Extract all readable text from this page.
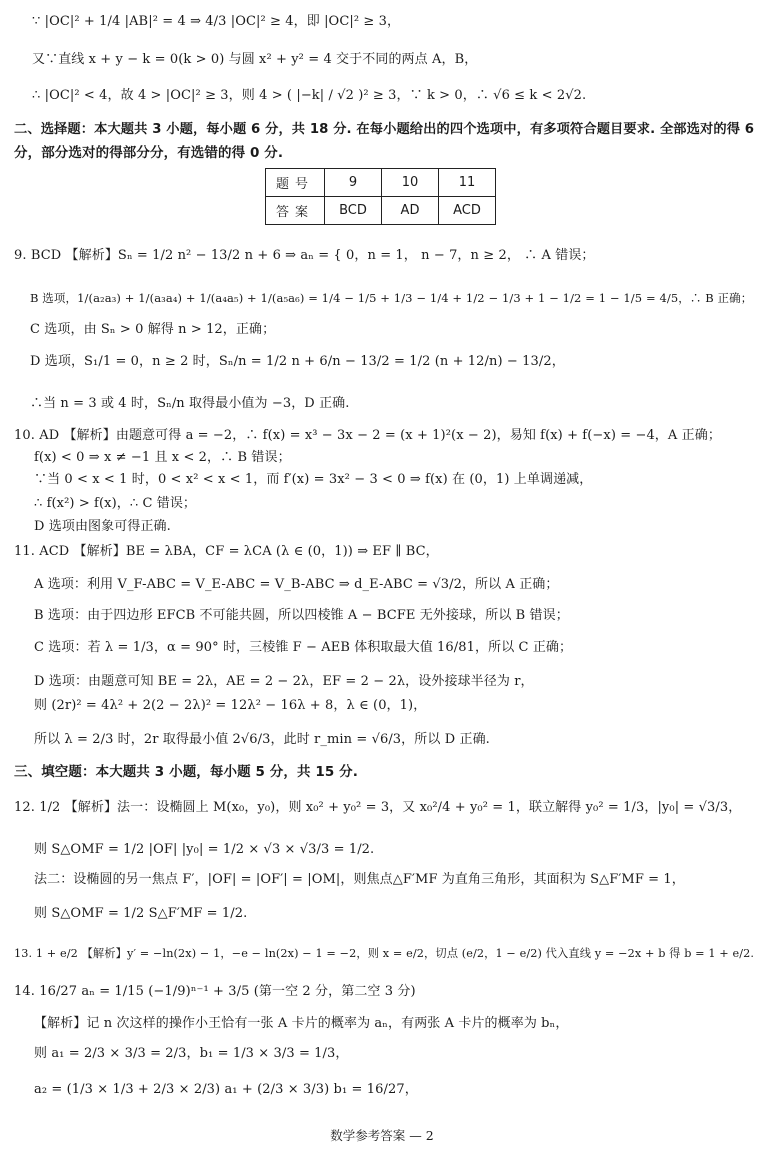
∵ |OC|² + 1/4 |AB|² = 4 ⇒ 4/3 |OC|² ≥ 4，即 |OC|² ≥ 3，
又∵直线 x + y − k = 0(k > 0) 与圆 x² + y² = 4 交于不同的两点 A，B，
∴ |OC|² < 4，故 4 > |OC|² ≥ 3，则 4 > ( |−k| / √2 )² ≥ 3，∵ k > 0，∴ √6 ≤ k < 2√2.
二、选择题：本大题共 3 小题，每小题 6 分，共 18 分. 在每小题给出的四个选项中，有多项符合题目要求. 全部选对的得 6
分，部分选对的得部分分，有选错的得 0 分.
题号	9	10	11
答案	BCD	AD	ACD
9. BCD 【解析】Sₙ = 1/2 n² − 13/2 n + 6 ⇒ aₙ = { 0，n = 1， n − 7，n ≥ 2， ∴ A 错误；
B 选项，1/(a₂a₃) + 1/(a₃a₄) + 1/(a₄a₅) + 1/(a₅a₆) = 1/4 − 1/5 + 1/3 − 1/4 + 1/2 − 1/3 + 1 − 1/2 = 1 − 1/5 = 4/5，∴ B 正确；
C 选项，由 Sₙ > 0 解得 n > 12，正确；
D 选项，S₁/1 = 0，n ≥ 2 时，Sₙ/n = 1/2 n + 6/n − 13/2 = 1/2 (n + 12/n) − 13/2，
∴当 n = 3 或 4 时，Sₙ/n 取得最小值为 −3，D 正确.
10. AD 【解析】由题意可得 a = −2，∴ f(x) = x³ − 3x − 2 = (x + 1)²(x − 2)，易知 f(x) + f(−x) = −4，A 正确；
f(x) < 0 ⇒ x ≠ −1 且 x < 2，∴ B 错误；
∵当 0 < x < 1 时，0 < x² < x < 1，而 f′(x) = 3x² − 3 < 0 ⇒ f(x) 在 (0，1) 上单调递减，
∴ f(x²) > f(x)，∴ C 错误；
D 选项由图象可得正确.
11. ACD 【解析】BE = λBA，CF = λCA (λ ∈ (0，1)) ⇒ EF ∥ BC，
A 选项：利用 V_F-ABC = V_E-ABC = V_B-ABC ⇒ d_E-ABC = √3/2，所以 A 正确；
B 选项：由于四边形 EFCB 不可能共圆，所以四棱锥 A − BCFE 无外接球，所以 B 错误；
C 选项：若 λ = 1/3，α = 90° 时，三棱锥 F − AEB 体积取最大值 16/81，所以 C 正确；
D 选项：由题意可知 BE = 2λ，AE = 2 − 2λ，EF = 2 − 2λ，设外接球半径为 r，
则 (2r)² = 4λ² + 2(2 − 2λ)² = 12λ² − 16λ + 8，λ ∈ (0，1)，
所以 λ = 2/3 时，2r 取得最小值 2√6/3，此时 r_min = √6/3，所以 D 正确.
三、填空题：本大题共 3 小题，每小题 5 分，共 15 分.
12. 1/2 【解析】法一：设椭圆上 M(x₀，y₀)，则 x₀² + y₀² = 3，又 x₀²/4 + y₀² = 1，联立解得 y₀² = 1/3，|y₀| = √3/3，
则 S△OMF = 1/2 |OF| |y₀| = 1/2 × √3 × √3/3 = 1/2.
法二：设椭圆的另一焦点 F′，|OF| = |OF′| = |OM|，则焦点△F′MF 为直角三角形，其面积为 S△F′MF = 1，
则 S△OMF = 1/2 S△F′MF = 1/2.
13. 1 + e/2 【解析】y′ = −ln(2x) − 1，−e − ln(2x) − 1 = −2，则 x = e/2，切点 (e/2，1 − e/2) 代入直线 y = −2x + b 得 b = 1 + e/2.
14. 16/27 aₙ = 1/15 (−1/9)ⁿ⁻¹ + 3/5 (第一空 2 分，第二空 3 分)
【解析】记 n 次这样的操作小王恰有一张 A 卡片的概率为 aₙ，有两张 A 卡片的概率为 bₙ，
则 a₁ = 2/3 × 3/3 = 2/3，b₁ = 1/3 × 3/3 = 1/3，
a₂ = (1/3 × 1/3 + 2/3 × 2/3) a₁ + (2/3 × 3/3) b₁ = 16/27，
数学参考答案 — 2
